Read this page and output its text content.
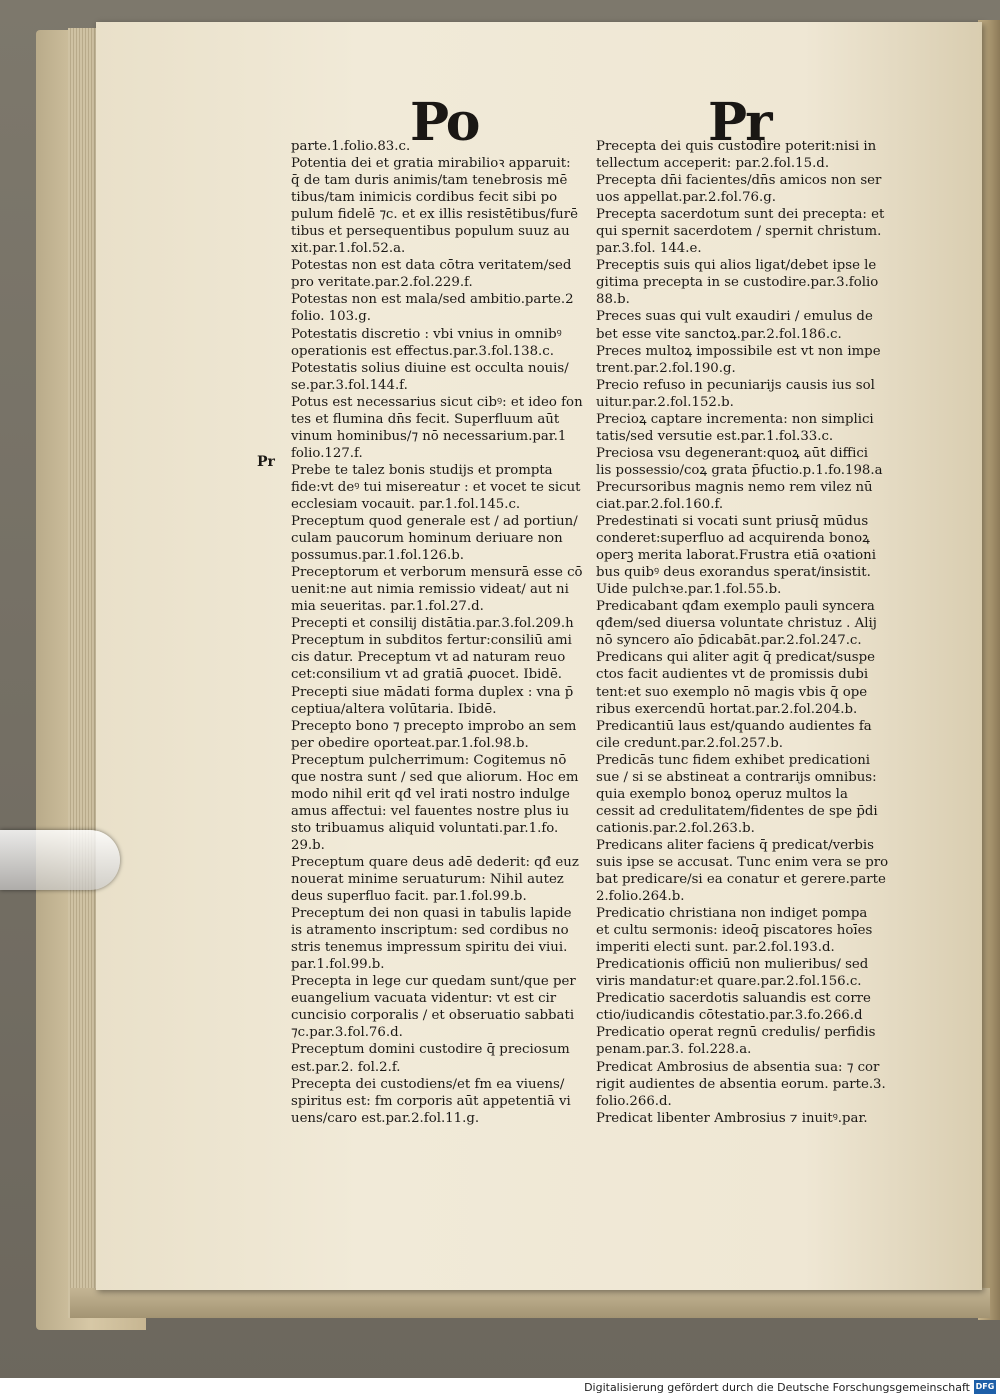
Po	Pr
Pr
parte.1.folio.83.c.
Potentia dei et gratia mirabilioꝛ apparuit:
q̄ de tam duris animis/tam tenebrosis mē
tibus/tam inimicis cordibus fecit sibi po
pulum fidelē ⁊c. et ex illis resistētibus/furē
tibus et persequentibus populum suuz au
xit.par.1.fol.52.a.
Potestas non est data cōtra veritatem/sed
pro veritate.par.2.fol.229.f.
Potestas non est mala/sed ambitio.parte.2
folio. 103.g.
Potestatis discretio : vbi vnius in omnibꝰ
operationis est effectus.par.3.fol.138.c.
Potestatis solius diuine est occulta nouis/
se.par.3.fol.144.f.
Potus est necessarius sicut cibꝰ: et ideo fon
tes et flumina dn̄s fecit. Superfluum aūt
vinum hominibus/⁊ nō necessarium.par.1
folio.127.f.
Prebe te talez bonis studijs et prompta
fide:vt deꝰ tui misereatur : et vocet te sicut
ecclesiam vocauit. par.1.fol.145.c.
Preceptum quod generale est / ad portiun/
culam paucorum hominum deriuare non
possumus.par.1.fol.126.b.
Preceptorum et verborum mensurā esse cō
uenit:ne aut nimia remissio videat/ aut ni
mia seueritas. par.1.fol.27.d.
Precepti et consilij distātia.par.3.fol.209.h
Preceptum in subditos fertur:consiliū ami
cis datur. Preceptum vt ad naturam reuo
cet:consilium vt ad gratiā ꝓuocet. Ibidē.
Precepti siue mādati forma duplex : vna p̄
ceptiua/altera volūtaria. Ibidē.
Precepto bono ⁊ precepto improbo an sem
per obedire oporteat.par.1.fol.98.b.
Preceptum pulcherrimum: Cogitemus nō
que nostra sunt / sed que aliorum. Hoc em
modo nihil erit qđ vel irati nostro indulge
amus affectui: vel fauentes nostre plus iu
sto tribuamus aliquid voluntati.par.1.fo.
29.b.
Preceptum quare deus adē dederit: qđ euz
nouerat minime seruaturum: Nihil autez
deus superfluo facit. par.1.fol.99.b.
Preceptum dei non quasi in tabulis lapide
is atramento inscriptum: sed cordibus no
stris tenemus impressum spiritu dei viui.
par.1.fol.99.b.
Precepta in lege cur quedam sunt/que per
euangelium vacuata videntur: vt est cir
cuncisio corporalis / et obseruatio sabbati
⁊c.par.3.fol.76.d.
Preceptum domini custodire q̄ preciosum
est.par.2. fol.2.f.
Precepta dei custodiens/et fm ea viuens/
spiritus est: fm corporis aūt appetentiā vi
uens/caro est.par.2.fol.11.g.
Precepta dei quis custodire poterit:nisi in
tellectum acceperit: par.2.fol.15.d.
Precepta dn̄i facientes/dn̄s amicos non ser
uos appellat.par.2.fol.76.g.
Precepta sacerdotum sunt dei precepta: et
qui spernit sacerdotem / spernit christum.
par.3.fol. 144.e.
Preceptis suis qui alios ligat/debet ipse le
gitima precepta in se custodire.par.3.folio
88.b.
Preces suas qui vult exaudiri / emulus de
bet esse vite sanctoꝝ.par.2.fol.186.c.
Preces multoꝝ impossibile est vt non impe
trent.par.2.fol.190.g.
Precio refuso in pecuniarijs causis ius sol
uitur.par.2.fol.152.b.
Precioꝝ captare incrementa: non simplici
tatis/sed versutie est.par.1.fol.33.c.
Preciosa vsu degenerant:quoꝝ aūt diffici
lis possessio/coꝝ grata p̄fuctio.p.1.fo.198.a
Precursoribus magnis nemo rem vilez nū
ciat.par.2.fol.160.f.
Predestinati si vocati sunt priusq̄ mūdus
conderet:superfluo ad acquirenda bonoꝝ
operꝫ merita laborat.Frustra etiā oꝛationi
bus quibꝰ deus exorandus sperat/insistit.
Uide pulchꝛe.par.1.fol.55.b.
Predicabant qđam exemplo pauli syncera
qđem/sed diuersa voluntate christuz . Alij
nō syncero aīo p̄dicabāt.par.2.fol.247.c.
Predicans qui aliter agit q̄ predicat/suspe
ctos facit audientes vt de promissis dubi
tent:et suo exemplo nō magis vbis q̄ ope
ribus exercendū hortat.par.2.fol.204.b.
Predicantiū laus est/quando audientes fa
cile credunt.par.2.fol.257.b.
Predicās tunc fidem exhibet predicationi
sue / si se abstineat a contrarijs omnibus:
quia exemplo bonoꝝ operuz multos la
cessit ad credulitatem/fidentes de spe p̄di
cationis.par.2.fol.263.b.
Predicans aliter faciens q̄ predicat/verbis
suis ipse se accusat. Tunc enim vera se pro
bat predicare/si ea conatur et gerere.parte
2.folio.264.b.
Predicatio christiana non indiget pompa
et cultu sermonis: ideoq̄ piscatores hoīes
imperiti electi sunt. par.2.fol.193.d.
Predicationis officiū non mulieribus/ sed
viris mandatur:et quare.par.2.fol.156.c.
Predicatio sacerdotis saluandis est corre
ctio/iudicandis cōtestatio.par.3.fo.266.d
Predicatio operat regnū credulis/ perfidis
penam.par.3. fol.228.a.
Predicat Ambrosius de absentia sua: ⁊ cor
rigit audientes de absentia eorum. parte.3.
folio.266.d.
Predicat libenter Ambrosius ⁊ inuitꝰ.par.
Digitalisierung gefördert durch die Deutsche Forschungsgemeinschaft DFG
